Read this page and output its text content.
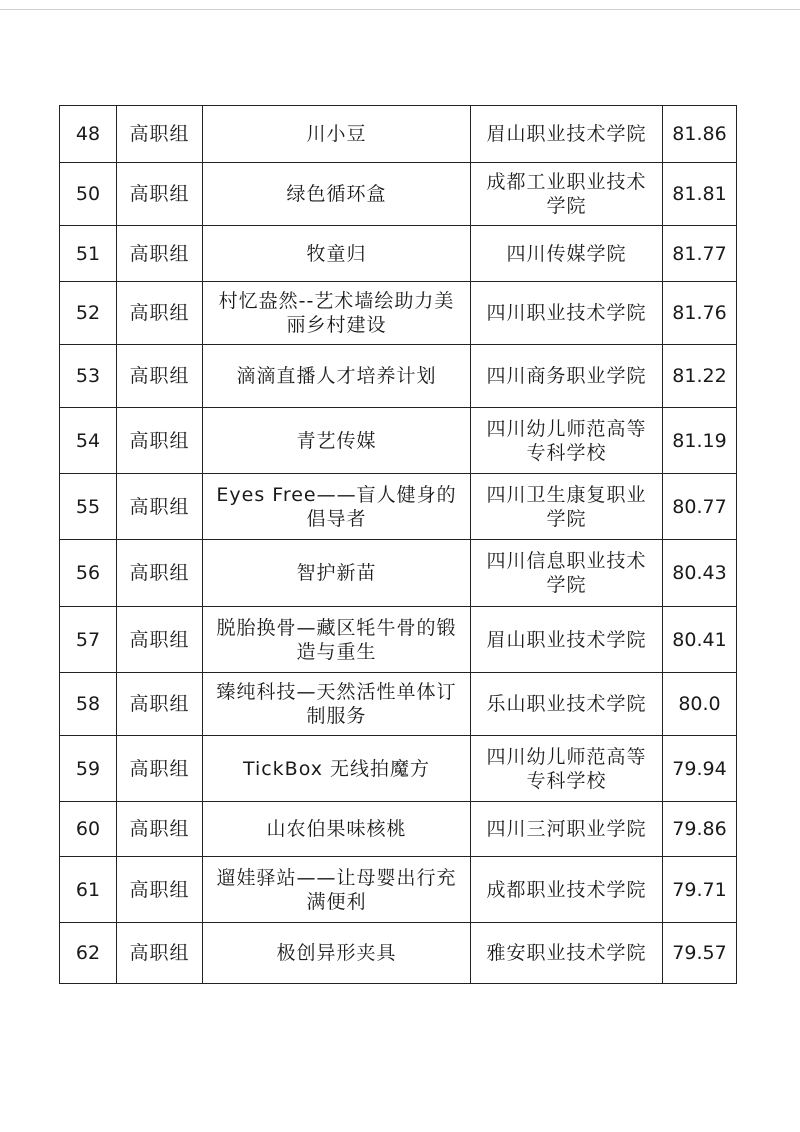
48	高职组	川小豆	眉山职业技术学院	81.86
50	高职组	绿色循环盒	成都工业职业技术学院	81.81
51	高职组	牧童归	四川传媒学院	81.77
52	高职组	村忆盎然--艺术墙绘助力美丽乡村建设	四川职业技术学院	81.76
53	高职组	滴滴直播人才培养计划	四川商务职业学院	81.22
54	高职组	青艺传媒	四川幼儿师范高等专科学校	81.19
55	高职组	Eyes Free——盲人健身的倡导者	四川卫生康复职业学院	80.77
56	高职组	智护新苗	四川信息职业技术学院	80.43
57	高职组	脱胎换骨—藏区牦牛骨的锻造与重生	眉山职业技术学院	80.41
58	高职组	臻纯科技—天然活性单体订制服务	乐山职业技术学院	80.0
59	高职组	TickBox 无线拍魔方	四川幼儿师范高等专科学校	79.94
60	高职组	山农伯果味核桃	四川三河职业学院	79.86
61	高职组	遛娃驿站——让母婴出行充满便利	成都职业技术学院	79.71
62	高职组	极创异形夹具	雅安职业技术学院	79.57
